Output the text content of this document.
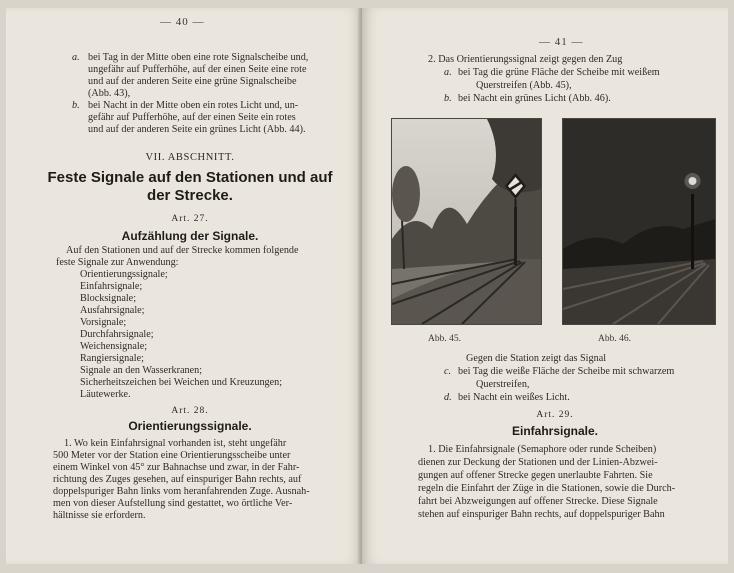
— 40 —
a. bei Tag in der Mitte oben eine rote Signalscheibe und,
ungefähr auf Pufferhöhe, auf der einen Seite eine rote
und auf der anderen Seite eine grüne Signalscheibe
(Abb. 43),
b. bei Nacht in der Mitte oben ein rotes Licht und, un-
gefähr auf Pufferhöhe, auf der einen Seite ein rotes
und auf der anderen Seite ein grünes Licht (Abb. 44).
VII. ABSCHNITT.
Feste Signale auf den Stationen und auf
der Strecke.
Art. 27.
Aufzählung der Signale.
Auf den Stationen und auf der Strecke kommen folgende
feste Signale zur Anwendung:
Orientierungssignale;
Einfahrsignale;
Blocksignale;
Ausfahrsignale;
Vorsignale;
Durchfahrsignale;
Weichensignale;
Rangiersignale;
Signale an den Wasserkranen;
Sicherheitszeichen bei Weichen und Kreuzungen;
Läutewerke.
Art. 28.
Orientierungssignale.
1. Wo kein Einfahrsignal vorhanden ist, steht ungefähr
500 Meter vor der Station eine Orientierungsscheibe unter
einem Winkel von 45° zur Bahnachse und zwar, in der Fahr-
richtung des Zuges gesehen, auf einspuriger Bahn rechts, auf
doppelspuriger Bahn links vom heranfahrenden Zuge. Ausnah-
men von dieser Aufstellung sind gestattet, wo örtliche Ver-
hältnisse sie erfordern.
— 41 —
2. Das Orientierungssignal zeigt gegen den Zug
a. bei Tag die grüne Fläche der Scheibe mit weißem
Querstreifen (Abb. 45),
b. bei Nacht ein grünes Licht (Abb. 46).
Abb. 45.	Abb. 46.
Gegen die Station zeigt das Signal
c. bei Tag die weiße Fläche der Scheibe mit schwarzem
Querstreifen,
d. bei Nacht ein weißes Licht.
Art. 29.
Einfahrsignale.
1. Die Einfahrsignale (Semaphore oder runde Scheiben)
dienen zur Deckung der Stationen und der Linien-Abzwei-
gungen auf offener Strecke gegen unerlaubte Fahrten. Sie
regeln die Einfahrt der Züge in die Stationen, sowie die Durch-
fahrt bei Abzweigungen auf offener Strecke. Diese Signale
stehen auf einspuriger Bahn rechts, auf doppelspuriger Bahn
